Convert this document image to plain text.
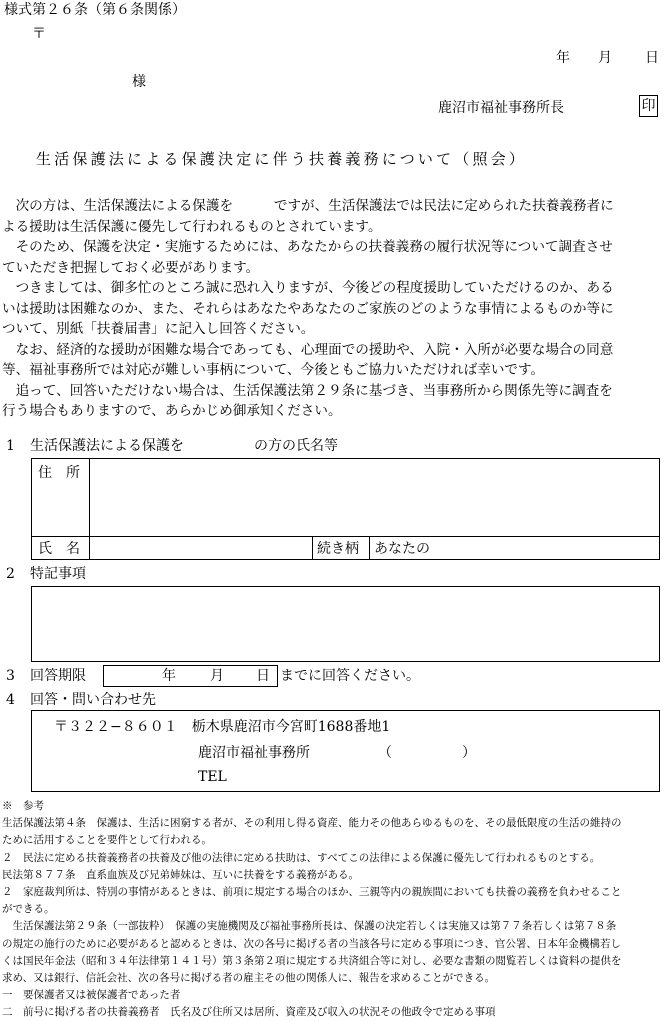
様式第２６条（第６条関係）
〒
年 月 日
様
鹿沼市福祉事務所長	印
生活保護法による保護決定に伴う扶養義務について（照会）

　次の方は、生活保護法による保護を　　　ですが、生活保護法では民法に定められた扶養義務者に

よる援助は生活保護に優先して行われるものとされています。

　そのため、保護を決定・実施するためには、あなたからの扶養義務の履行状況等について調査させ

ていただき把握しておく必要があります。

　つきましては、御多忙のところ誠に恐れ入りますが、今後どの程度援助していただけるのか、ある

いは援助は困難なのか、また、それらはあなたやあなたのご家族のどのような事情によるものか等に

ついて、別紙「扶養届書」に記入し回答ください。

　なお、経済的な援助が困難な場合であっても、心理面での援助や、入院・入所が必要な場合の同意

等、福祉事務所では対応が難しい事柄について、今後ともご協力いただければ幸いです。

　追って、回答いただけない場合は、生活保護法第２９条に基づき、当事務所から関係先等に調査を

行う場合もありますので、あらかじめ御承知ください。

1 生活保護法による保護を　　　　　の方の氏名等
住　所
氏　名	続き柄 あなたの
2 特記事項
3 回答期限	年 月 日 までに回答ください。
4 回答・問い合わせ先
〒３２２−８６０１　栃木県鹿沼市今宮町1688番地1
鹿沼市福祉事務所	（　　　　　）
TEL

※　参考

生活保護法第４条　保護は、生活に困窮する者が、その利用し得る資産、能力その他あらゆるものを、その最低限度の生活の維持の

ために活用することを要件として行われる。

２　民法に定める扶養義務者の扶養及び他の法律に定める扶助は、すべてこの法律による保護に優先して行われるものとする。

民法第８７７条　直系血族及び兄弟姉妹は、互いに扶養をする義務がある。

２　家庭裁判所は、特別の事情があるときは、前項に規定する場合のほか、三親等内の親族間においても扶養の義務を負わせること

ができる。

　生活保護法第２９条（一部抜粋）　保護の実施機関及び福祉事務所長は、保護の決定若しくは実施又は第７７条若しくは第７８条

の規定の施行のために必要があると認めるときは、次の各号に掲げる者の当該各号に定める事項につき、官公署、日本年金機構若し

くは国民年金法（昭和３４年法律第１４１号）第３条第２項に規定する共済組合等に対し、必要な書類の閲覧若しくは資料の提供を

求め、又は銀行、信託会社、次の各号に掲げる者の雇主その他の関係人に、報告を求めることができる。

一　要保護者又は被保護者であった者

二　前号に掲げる者の扶養義務者　氏名及び住所又は居所、資産及び収入の状況その他政令で定める事項
